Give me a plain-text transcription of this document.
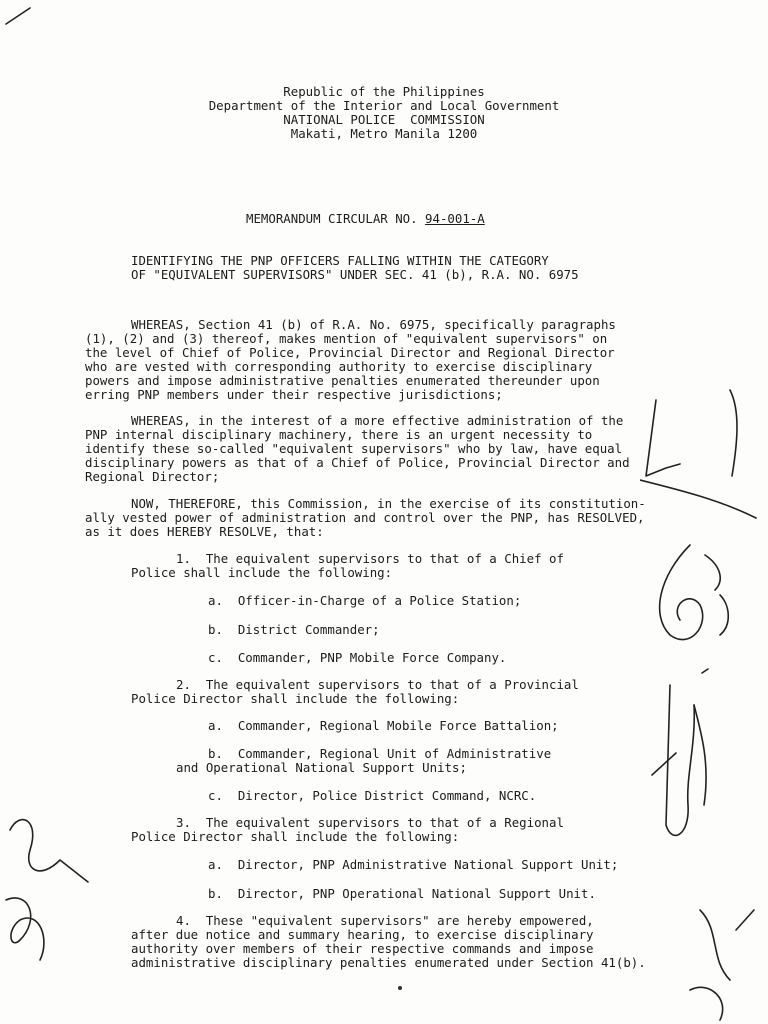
Republic of the Philippines
Department of the Interior and Local Government
NATIONAL POLICE  COMMISSION
Makati, Metro Manila 1200
MEMORANDUM CIRCULAR NO. 94-001-A
IDENTIFYING THE PNP OFFICERS FALLING WITHIN THE CATEGORY
OF "EQUIVALENT SUPERVISORS" UNDER SEC. 41 (b), R.A. NO. 6975
WHEREAS, Section 41 (b) of R.A. No. 6975, specifically paragraphs
(1), (2) and (3) thereof, makes mention of "equivalent supervisors" on
the level of Chief of Police, Provincial Director and Regional Director
who are vested with corresponding authority to exercise disciplinary
powers and impose administrative penalties enumerated thereunder upon
erring PNP members under their respective jurisdictions;
WHEREAS, in the interest of a more effective administration of the
PNP internal disciplinary machinery, there is an urgent necessity to
identify these so-called "equivalent supervisors" who by law, have equal
disciplinary powers as that of a Chief of Police, Provincial Director and
Regional Director;
NOW, THEREFORE, this Commission, in the exercise of its constitution-
ally vested power of administration and control over the PNP, has RESOLVED,
as it does HEREBY RESOLVE, that:
1.  The equivalent supervisors to that of a Chief of
Police shall include the following:
a.  Officer-in-Charge of a Police Station;
b.  District Commander;
c.  Commander, PNP Mobile Force Company.
2.  The equivalent supervisors to that of a Provincial
Police Director shall include the following:
a.  Commander, Regional Mobile Force Battalion;
b.  Commander, Regional Unit of Administrative
and Operational National Support Units;
c.  Director, Police District Command, NCRC.
3.  The equivalent supervisors to that of a Regional
Police Director shall include the following:
a.  Director, PNP Administrative National Support Unit;
b.  Director, PNP Operational National Support Unit.
4.  These "equivalent supervisors" are hereby empowered,
after due notice and summary hearing, to exercise disciplinary
authority over members of their respective commands and impose
administrative disciplinary penalties enumerated under Section 41(b).
